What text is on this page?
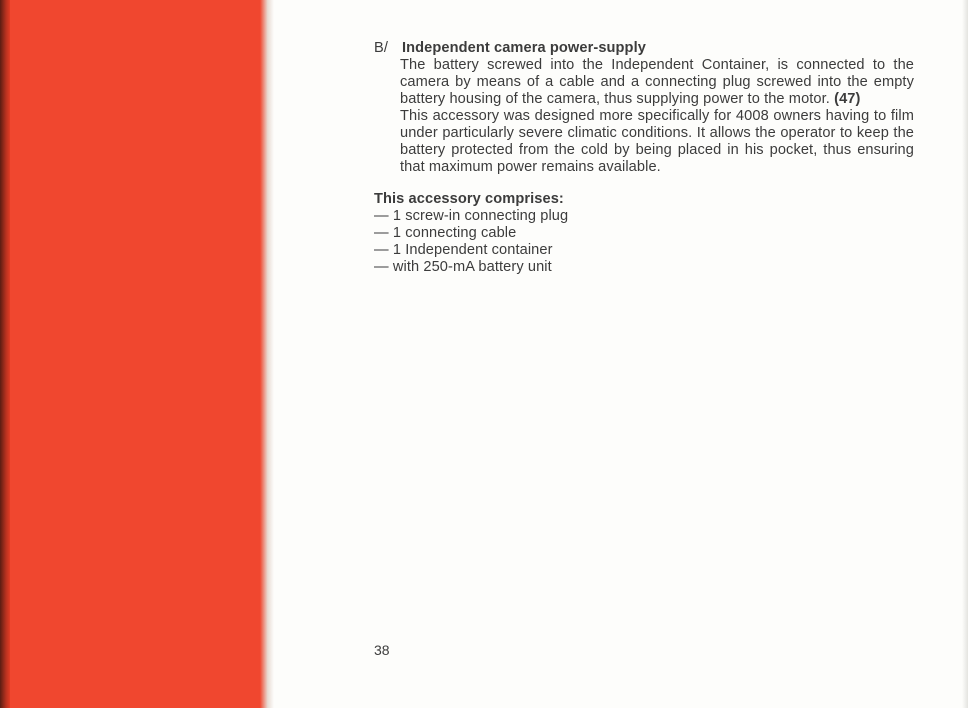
B/ Independent camera power-supply

The battery screwed into the Independent Container, is connected to the camera by means of a cable and a connecting plug screwed into the empty battery housing of the camera, thus supplying power to the motor. (47)

This accessory was designed more specifically for 4008 owners having to film under particularly severe climatic conditions. It allows the operator to keep the battery protected from the cold by being placed in his pocket, thus ensuring that maximum power remains available.

This accessory comprises:

— 1 screw-in connecting plug
— 1 connecting cable
— 1 Independent container
— with 250-mA battery unit
38
